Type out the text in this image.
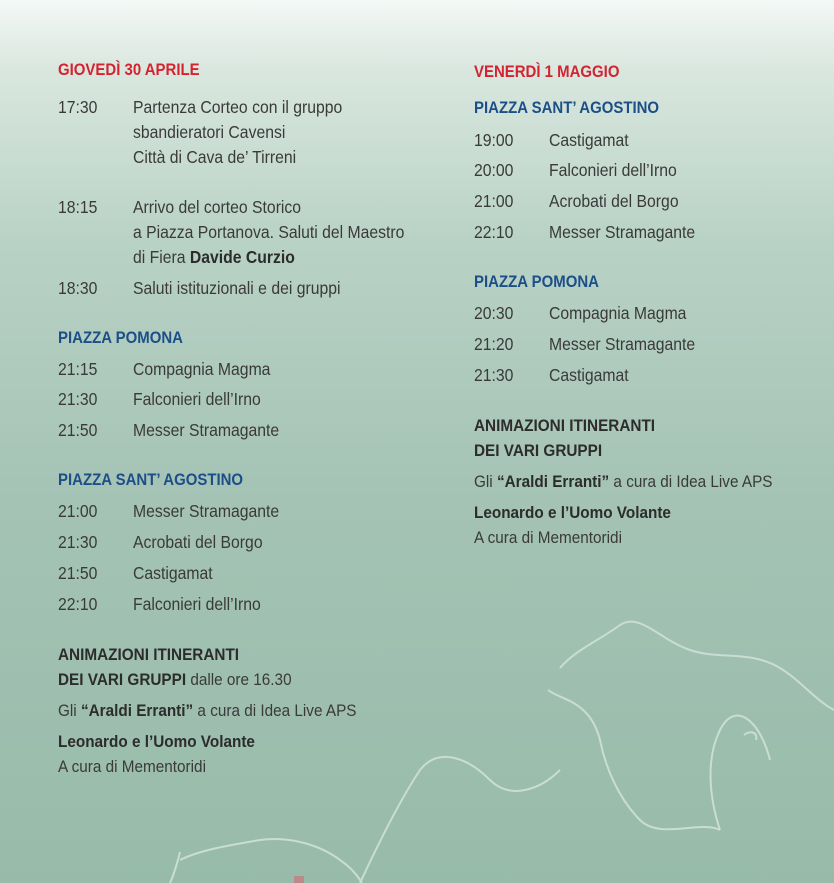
GIOVEDÌ 30 APRILE
17:30 Partenza Corteo con il gruppo
sbandieratori Cavensi
Città di Cava de’ Tirreni
18:15 Arrivo del corteo Storico
a Piazza Portanova. Saluti del Maestro
di Fiera Davide Curzio
18:30 Saluti istituzionali e dei gruppi
PIAZZA POMONA
21:15 Compagnia Magma
21:30 Falconieri dell’Irno
21:50 Messer Stramagante
PIAZZA SANT’ AGOSTINO
21:00 Messer Stramagante
21:30 Acrobati del Borgo
21:50 Castigamat
22:10 Falconieri dell’Irno
ANIMAZIONI ITINERANTI
DEI VARI GRUPPI dalle ore 16.30
Gli “Araldi Erranti” a cura di Idea Live APS
Leonardo e l’Uomo Volante
A cura di Mementoridi
VENERDÌ 1 MAGGIO
PIAZZA SANT’ AGOSTINO
19:00 Castigamat
20:00 Falconieri dell’Irno
21:00 Acrobati del Borgo
22:10 Messer Stramagante
PIAZZA POMONA
20:30 Compagnia Magma
21:20 Messer Stramagante
21:30 Castigamat
ANIMAZIONI ITINERANTI
DEI VARI GRUPPI
Gli “Araldi Erranti” a cura di Idea Live APS
Leonardo e l’Uomo Volante
A cura di Mementoridi
